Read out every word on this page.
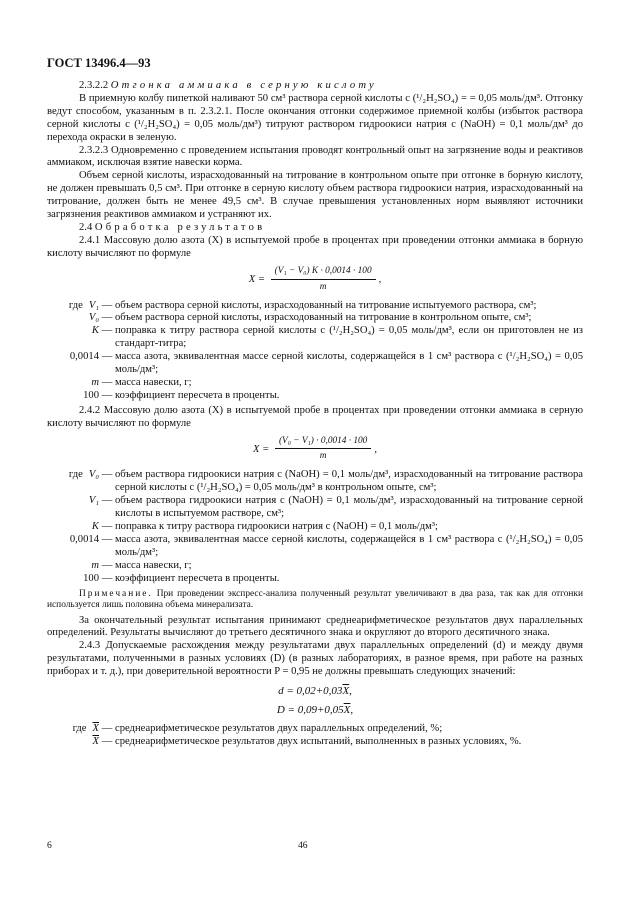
ГОСТ 13496.4—93

2.3.2.2 Отгонка аммиака в серную кислоту

В приемную колбу пипеткой наливают 50 см³ раствора серной кислоты c (¹/₂H₂SO₄) = = 0,05 моль/дм³. Отгонку ведут способом, указанным в п. 2.3.2.1. После окончания отгонки содержимое приемной колбы (избыток раствора серной кислоты c (¹/₂H₂SO₄) = 0,05 моль/дм³) титруют раствором гидроокиси натрия c (NaOH) = 0,1 моль/дм³ до перехода окраски в зеленую.

2.3.2.3 Одновременно с проведением испытания проводят контрольный опыт на загрязнение воды и реактивов аммиаком, исключая взятие навески корма.

Объем серной кислоты, израсходованный на титрование в контрольном опыте при отгонке в борную кислоту, не должен превышать 0,5 см³. При отгонке в серную кислоту объем раствора гидроокиси натрия, израсходованный на титрование, должен быть не менее 49,5 см³. В случае превышения установленных норм выявляют источники загрязнения реактивов аммиаком и устраняют их.

2.4 Обработка результатов

2.4.1 Массовую долю азота (X) в испытуемой пробе в процентах при проведении отгонки аммиака в борную кислоту вычисляют по формуле

$X = \frac{\text{(V₁ − V₀) K · 0,0014 · 100}}{m}$ ,
где V₁ — объем раствора серной кислоты, израсходованный на титрование испытуемого раствора, см³;
V₀ — объем раствора серной кислоты, израсходованный на титрование в контрольном опыте, см³;
K — поправка к титру раствора серной кислоты c (¹/₂H₂SO₄) = 0,05 моль/дм³, если он приготовлен не из стандарт-титра;
0,0014 — масса азота, эквивалентная массе серной кислоты, содержащейся в 1 см³ раствора c (¹/₂H₂SO₄) = 0,05 моль/дм³;
m — масса навески, г;
100 — коэффициент пересчета в проценты.

2.4.2 Массовую долю азота (X) в испытуемой пробе в процентах при проведении отгонки аммиака в серную кислоту вычисляют по формуле

$X = \frac{\text{(V₀ − V₁) · 0,0014 · 100}}{m}$ ,
где V₀ — объем раствора гидроокиси натрия c (NaOH) = 0,1 моль/дм³, израсходованный на титрование раствора серной кислоты c (¹/₂H₂SO₄) = 0,05 моль/дм³ в контрольном опыте, см³;
V₁ — объем раствора гидроокиси натрия c (NaOH) = 0,1 моль/дм³, израсходованный на титрование серной кислоты в испытуемом растворе, см³;
K — поправка к титру раствора гидроокиси натрия c (NaOH) = 0,1 моль/дм³;
0,0014 — масса азота, эквивалентная массе серной кислоты, содержащейся в 1 см³ раствора c (¹/₂H₂SO₄) = 0,05 моль/дм³;
m — масса навески, г;
100 — коэффициент пересчета в проценты.

Примечание. При проведении экспресс-анализа полученный результат увеличивают в два раза, так как для отгонки используется лишь половина объема минерализата.

За окончательный результат испытания принимают среднеарифметическое результатов двух параллельных определений. Результаты вычисляют до третьего десятичного знака и округляют до второго десятичного знака.

2.4.3 Допускаемые расхождения между результатами двух параллельных определений (d) и между двумя результатами, полученными в разных условиях (D) (в разных лабораториях, в разное время, при работе на разных приборах и т. д.), при доверительной вероятности P = 0,95 не должны превышать следующих значений:

$d = 0,02+0,03\overline{X}$,
$D = 0,09+0,05\overline{X}$,
где $\overline{X}$ — среднеарифметическое результатов двух параллельных определений, %;
$\overline{X}$ — среднеарифметическое результатов двух испытаний, выполненных в разных условиях, %.
6	46
